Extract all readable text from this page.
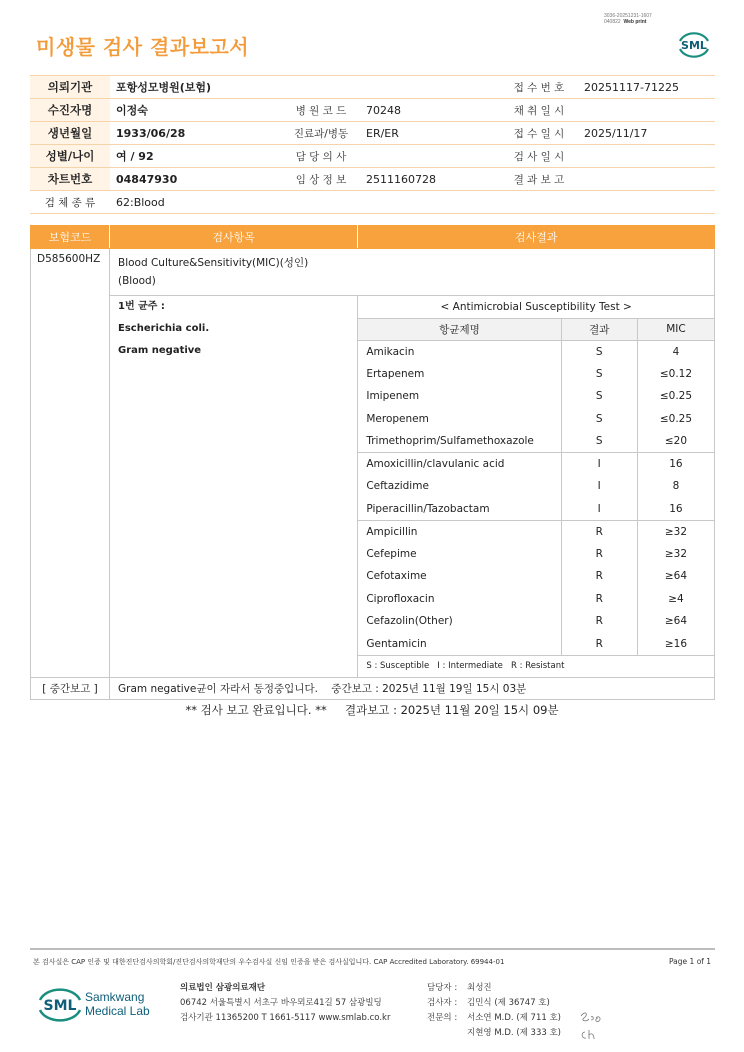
3036-20251231-1607
040822 Web print
미생물 검사 결과보고서	SML
의뢰기관	포항성모병원(보험)			접 수 번 호	20251117-71225
수진자명	이정숙	병 원 코 드	70248	채 취 일 시	
생년월일	1933/06/28	진료과/병동	ER/ER	접 수 일 시	2025/11/17
성별/나이	여 / 92	담 당 의 사		검 사 일 시	
차트번호	04847930	임 상 정 보	2511160728	결 과 보 고	
검 체 종 류	62:Blood				
보험코드	검사항목	검사결과
D585600HZ	Blood Culture&Sensitivity(MIC)(성인)
(Blood)

1번 균주 :
Escherichia coli.
Gram negative

< Antimicrobial Susceptibility Test >
항균제명	결과	MIC
Amikacin	S	4
Ertapenem	S	≤0.12
Imipenem	S	≤0.25
Meropenem	S	≤0.25
Trimethoprim/Sulfamethoxazole	S	≤20
Amoxicillin/clavulanic acid	I	16
Ceftazidime	I	8
Piperacillin/Tazobactam	I	16
Ampicillin	R	≥32
Cefepime	R	≥32
Cefotaxime	R	≥64
Ciprofloxacin	R	≥4
Cefazolin(Other)	R	≥64
Gentamicin	R	≥16
S : Susceptible   I : Intermediate   R : Resistant

[ 중간보고 ]	Gram negative균이 자라서 동정중입니다.    중간보고 : 2025년 11월 19일 15시 03분
** 검사 보고 완료입니다. **     결과보고 : 2025년 11월 20일 15시 09분
본 검사실은 CAP 인증 및 대한진단검사의학회/진단검사의학재단의 우수검사실 신임 인증을 받은 검사실입니다. CAP Accredited Laboratory. 69944-01	Page 1 of 1
SML
Samkwang
Medical Lab
의료법인 삼광의료재단
06742 서울특별시 서초구 바우뫼로41길 57 삼광빌딩
검사기관 11365200 T 1661-5117 www.smlab.co.kr
담당자 :	최성진
검사자 :	김민식 (제 36747 호)
전문의 :	서소연 M.D. (제 711 호)
	지현영 M.D. (제 333 호)
